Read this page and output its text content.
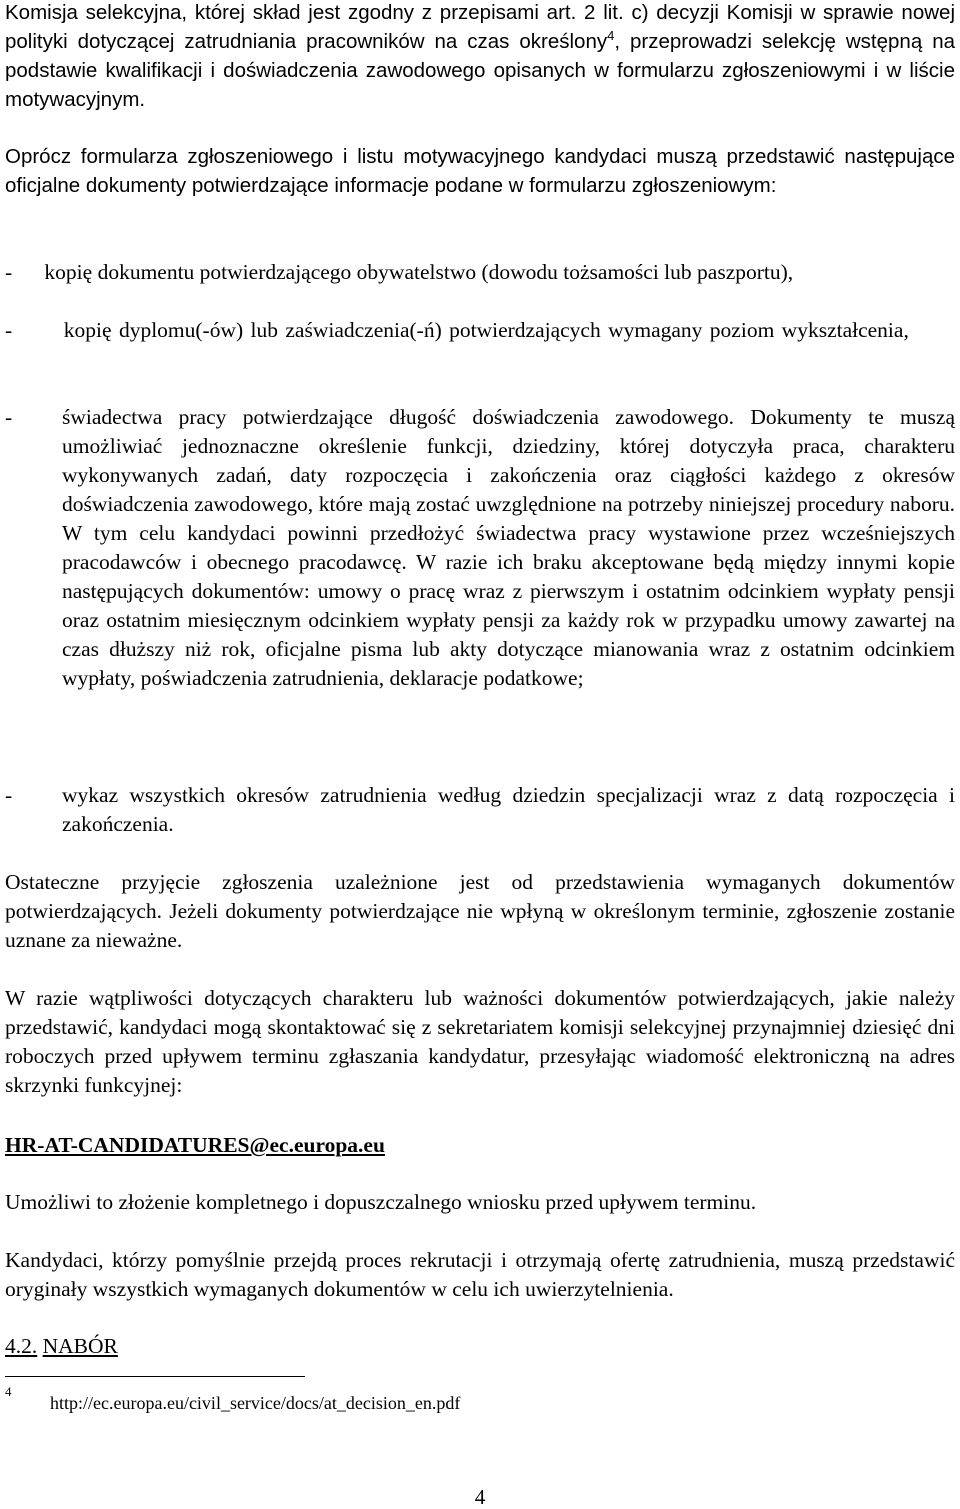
Komisja selekcyjna, której skład jest zgodny z przepisami art. 2 lit. c) decyzji Komisji w sprawie nowej polityki dotyczącej zatrudniania pracowników na czas określony$^4$, przeprowadzi selekcję wstępną na podstawie kwalifikacji i doświadczenia zawodowego opisanych w formularzu zgłoszeniowymi i w liście motywacyjnym.

Oprócz formularza zgłoszeniowego i listu motywacyjnego kandydaci muszą przedstawić następujące oficjalne dokumenty potwierdzające informacje podane w formularzu zgłoszeniowym:

- kopię dokumentu potwierdzającego obywatelstwo (dowodu tożsamości lub paszportu),
- kopię dyplomu(-ów) lub zaświadczenia(-ń) potwierdzających wymagany poziom wykształcenia,
- świadectwa pracy potwierdzające długość doświadczenia zawodowego. Dokumenty te muszą umożliwiać jednoznaczne określenie funkcji, dziedziny, której dotyczyła praca, charakteru wykonywanych zadań, daty rozpoczęcia i zakończenia oraz ciągłości każdego z okresów doświadczenia zawodowego, które mają zostać uwzględnione na potrzeby niniejszej procedury naboru. W tym celu kandydaci powinni przedłożyć świadectwa pracy wystawione przez wcześniejszych pracodawców i obecnego pracodawcę. W razie ich braku akceptowane będą między innymi kopie następujących dokumentów: umowy o pracę wraz z pierwszym i ostatnim odcinkiem wypłaty pensji oraz ostatnim miesięcznym odcinkiem wypłaty pensji za każdy rok w przypadku umowy zawartej na czas dłuższy niż rok, oficjalne pisma lub akty dotyczące mianowania wraz z ostatnim odcinkiem wypłaty, poświadczenia zatrudnienia, deklaracje podatkowe;
- wykaz wszystkich okresów zatrudnienia według dziedzin specjalizacji wraz z datą rozpoczęcia i zakończenia.

Ostateczne przyjęcie zgłoszenia uzależnione jest od przedstawienia wymaganych dokumentów potwierdzających. Jeżeli dokumenty potwierdzające nie wpłyną w określonym terminie, zgłoszenie zostanie uznane za nieważne.

W razie wątpliwości dotyczących charakteru lub ważności dokumentów potwierdzających, jakie należy przedstawić, kandydaci mogą skontaktować się z sekretariatem komisji selekcyjnej przynajmniej dziesięć dni roboczych przed upływem terminu zgłaszania kandydatur, przesyłając wiadomość elektroniczną na adres skrzynki funkcyjnej:

HR-AT-CANDIDATURES@ec.europa.eu

Umożliwi to złożenie kompletnego i dopuszczalnego wniosku przed upływem terminu.

Kandydaci, którzy pomyślnie przejdą proces rekrutacji i otrzymają ofertę zatrudnienia, muszą przedstawić oryginały wszystkich wymaganych dokumentów w celu ich uwierzytelnienia.

4.2. NABÓR
4
http://ec.europa.eu/civil_service/docs/at_decision_en.pdf
4
